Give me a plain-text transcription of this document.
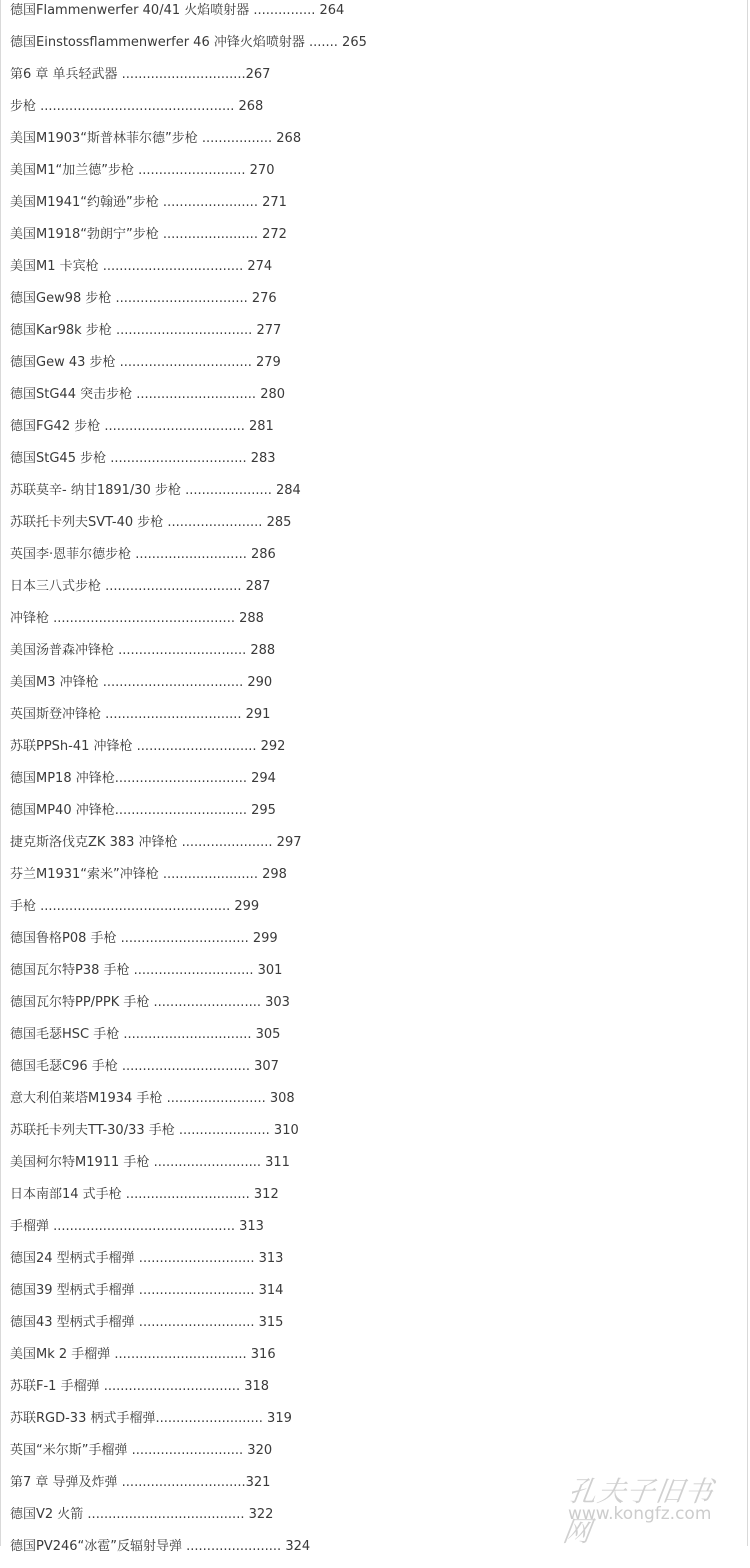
德国Flammenwerfer 40/41 火焰喷射器 ............... 264
德国Einstossflammenwerfer 46 冲锋火焰喷射器 ....... 265
第6 章 单兵轻武器 ..............................267
步枪 ............................................... 268
美国M1903“斯普林菲尔德”步枪 ................. 268
美国M1“加兰德”步枪 .......................... 270
美国M1941“约翰逊”步枪 ....................... 271
美国M1918“勃朗宁”步枪 ....................... 272
美国M1 卡宾枪 .................................. 274
德国Gew98 步枪 ................................ 276
德国Kar98k 步枪 ................................. 277
德国Gew 43 步枪 ................................ 279
德国StG44 突击步枪 ............................. 280
德国FG42 步枪 .................................. 281
德国StG45 步枪 ................................. 283
苏联莫辛- 纳甘1891/30 步枪 ..................... 284
苏联托卡列夫SVT-40 步枪 ....................... 285
英国李·恩菲尔德步枪 ........................... 286
日本三八式步枪 ................................. 287
冲锋枪 ............................................ 288
美国汤普森冲锋枪 ............................... 288
美国M3 冲锋枪 .................................. 290
英国斯登冲锋枪 ................................. 291
苏联PPSh-41 冲锋枪 ............................. 292
德国MP18 冲锋枪................................ 294
德国MP40 冲锋枪................................ 295
捷克斯洛伐克ZK 383 冲锋枪 ...................... 297
芬兰M1931“索米”冲锋枪 ....................... 298
手枪 .............................................. 299
德国鲁格P08 手枪 ............................... 299
德国瓦尔特P38 手枪 ............................. 301
德国瓦尔特PP/PPK 手枪 .......................... 303
德国毛瑟HSC 手枪 ............................... 305
德国毛瑟C96 手枪 ............................... 307
意大利伯莱塔M1934 手枪 ........................ 308
苏联托卡列夫TT-30/33 手枪 ...................... 310
美国柯尔特M1911 手枪 .......................... 311
日本南部14 式手枪 .............................. 312
手榴弹 ............................................ 313
德国24 型柄式手榴弹 ............................ 313
德国39 型柄式手榴弹 ............................ 314
德国43 型柄式手榴弹 ............................ 315
美国Mk 2 手榴弹 ................................ 316
苏联F-1 手榴弹 ................................. 318
苏联RGD-33 柄式手榴弹.......................... 319
英国“米尔斯”手榴弹 ........................... 320
第7 章 导弹及炸弹 ..............................321
德国V2 火箭 ...................................... 322
德国PV246“冰雹”反辐射导弹 ....................... 324
孔夫子旧书网
www.kongfz.com
